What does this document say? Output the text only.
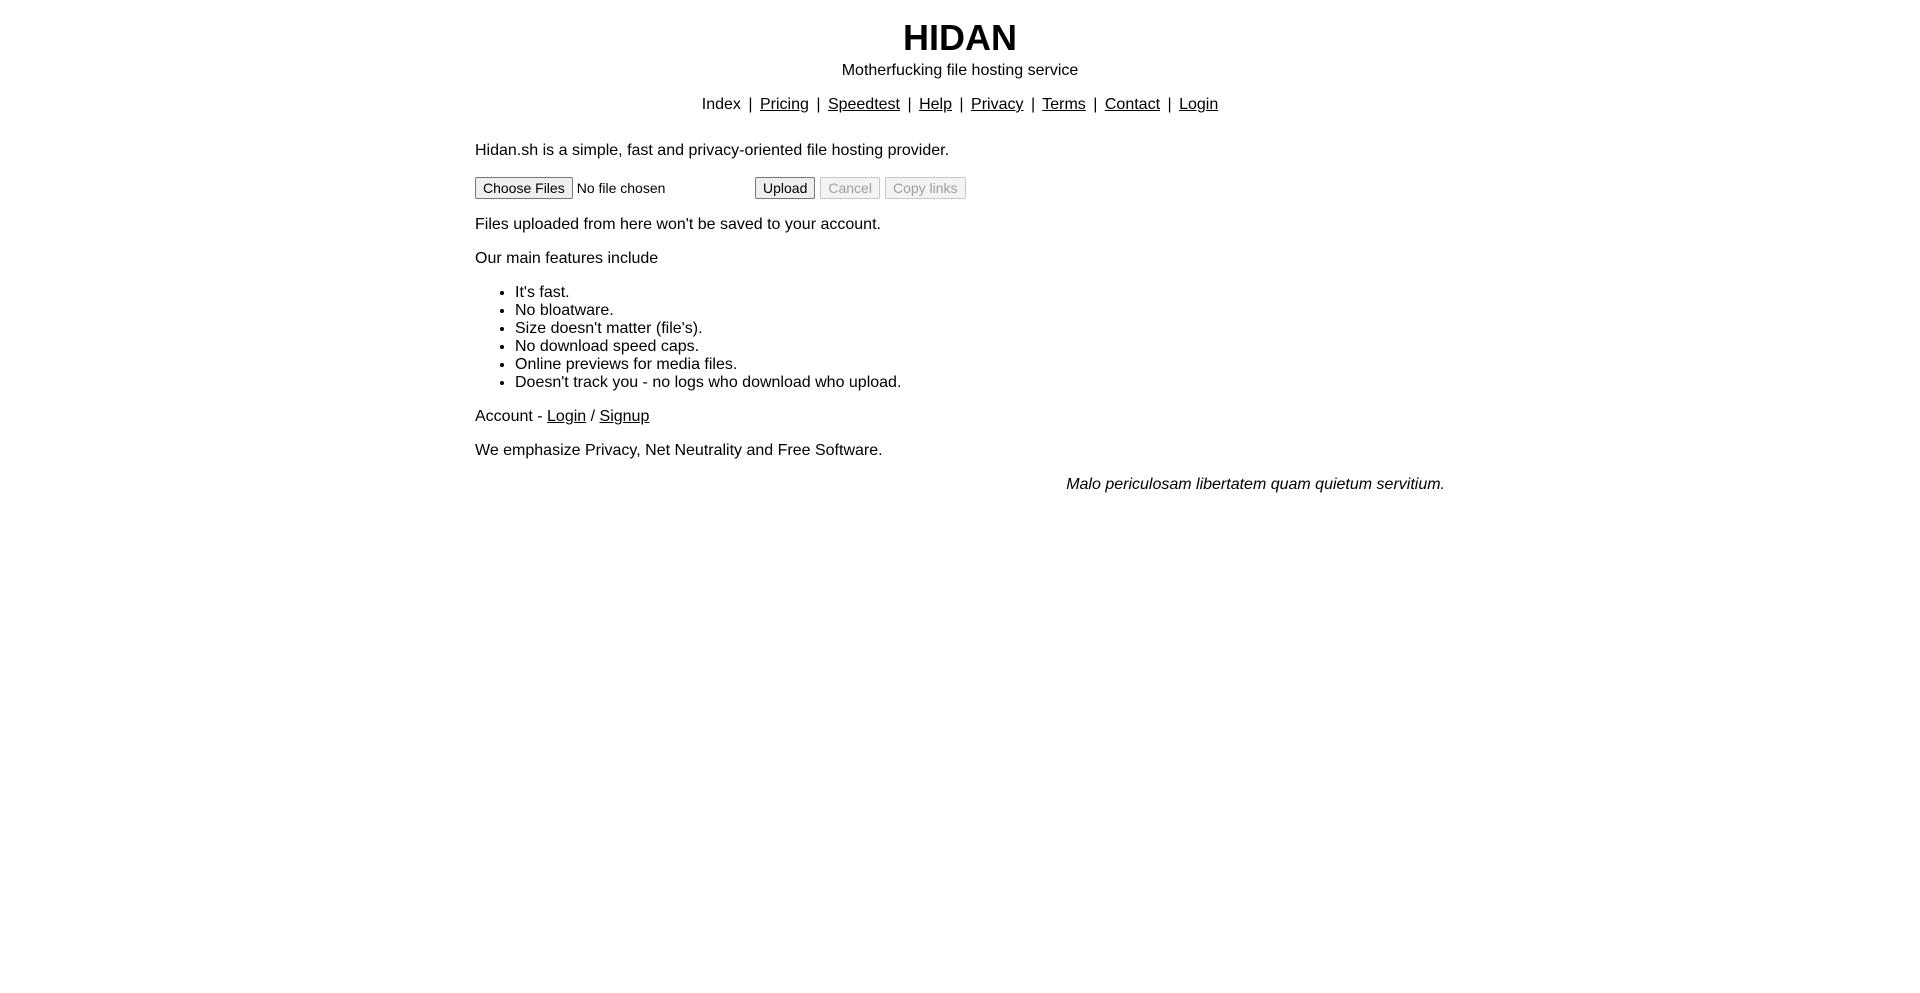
HIDAN

Motherfucking file hosting service

Index | Pricing | Speedtest | Help | Privacy | Terms | Contact | Login

Hidan.sh is a simple, fast and privacy-oriented file hosting provider.

Choose Files No file chosen	Upload	Cancel	Copy links

Files uploaded from here won't be saved to your account.

Our main features include

• It's fast.
• No bloatware.
• Size doesn't matter (file's).
• No download speed caps.
• Online previews for media files.
• Doesn't track you - no logs who download who upload.

Account - Login / Signup

We emphasize Privacy, Net Neutrality and Free Software.

Malo periculosam libertatem quam quietum servitium.
